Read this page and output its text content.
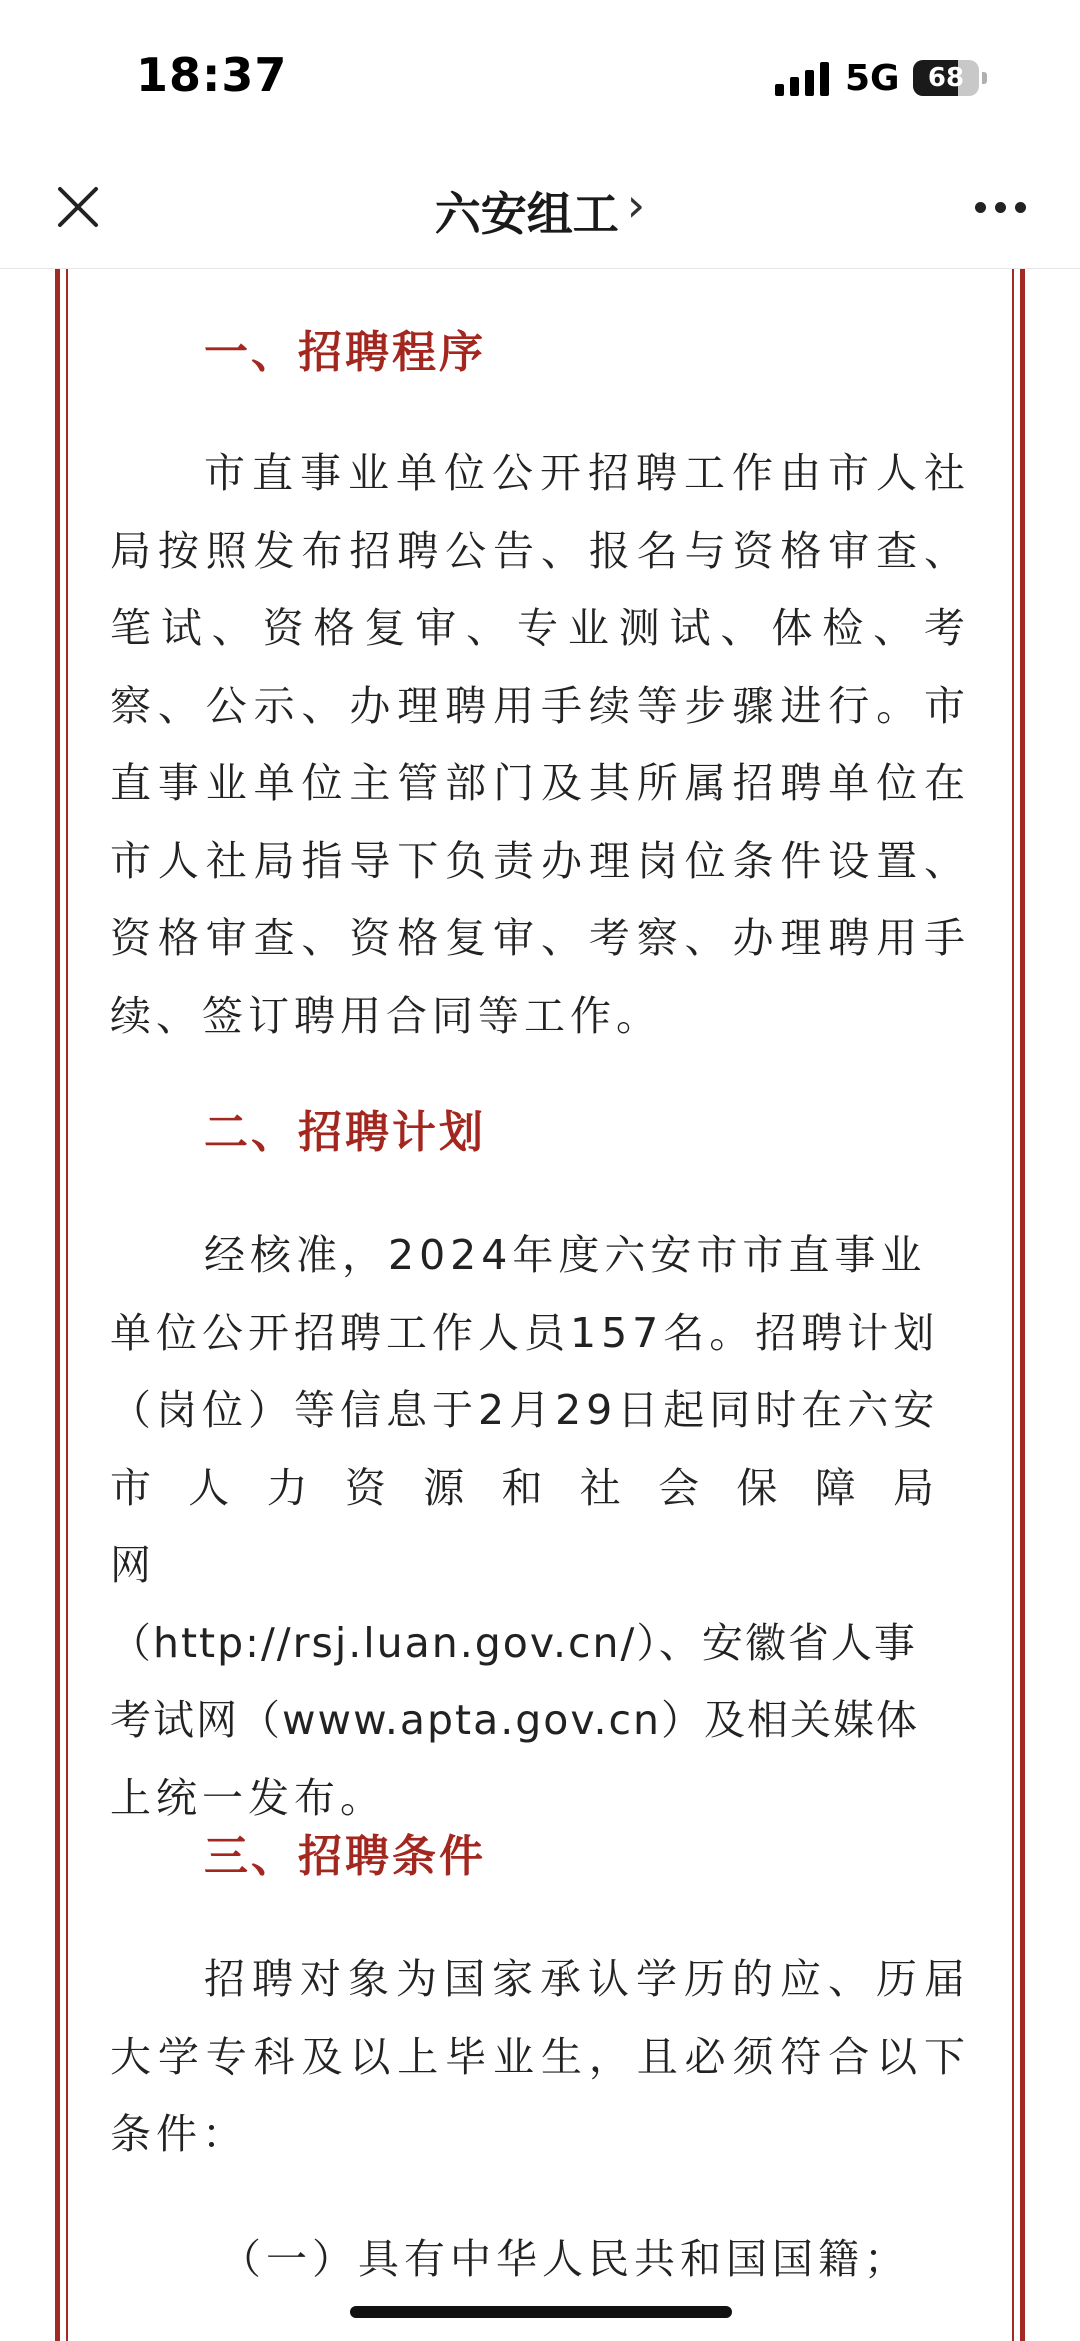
18:37	5G	68
六安组工 ›
一、招聘程序

市直事业单位公开招聘工作由市人社局按照发布招聘公告、报名与资格审查、笔试、资格复审、专业测试、体检、考察、公示、办理聘用手续等步骤进行。市直事业单位主管部门及其所属招聘单位在市人社局指导下负责办理岗位条件设置、资格审查、资格复审、考察、办理聘用手续、签订聘用合同等工作。

二、招聘计划
经核准，2024年度六安市市直事业
单位公开招聘工作人员157名。招聘计划
（岗位）等信息于2月29日起同时在六安
市人力资源和社会保障局网
（http://rsj.luan.gov.cn/）、安徽省人事
考试网（www.apta.gov.cn）及相关媒体
上统一发布。
三、招聘条件

招聘对象为国家承认学历的应、历届大学专科及以上毕业生，且必须符合以下条件：

（一）具有中华人民共和国国籍；
